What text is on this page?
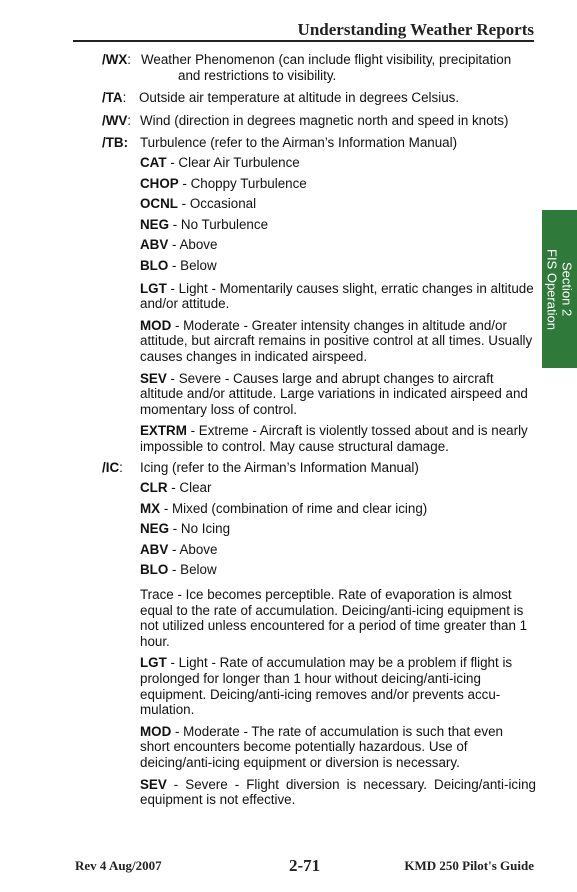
Understanding Weather Reports
Section 2
FIS Operation
/WX: Weather Phenomenon (can include flight visibility, precipitation
and restrictions to visibility.
/TA: Outside air temperature at altitude in degrees Celsius.
/WV: Wind (direction in degrees magnetic north and speed in knots)
/TB: Turbulence (refer to the Airman’s Information Manual)
CAT - Clear Air Turbulence
CHOP - Choppy Turbulence
OCNL - Occasional
NEG - No Turbulence
ABV - Above
BLO - Below
LGT - Light - Momentarily causes slight, erratic changes in altitude and/or attitude.
MOD - Moderate - Greater intensity changes in altitude and/or attitude, but aircraft remains in positive control at all times. Usually causes changes in indicated airspeed.
SEV - Severe - Causes large and abrupt changes to aircraft altitude and/or attitude. Large variations in indicated airspeed and momentary loss of control.
EXTRM - Extreme - Aircraft is violently tossed about and is nearly impossible to control. May cause structural damage.
/IC:	Icing (refer to the Airman’s Information Manual)
CLR - Clear
MX - Mixed (combination of rime and clear icing)
NEG - No Icing
ABV - Above
BLO - Below
Trace - Ice becomes perceptible. Rate of evaporation is almost equal to the rate of accumulation. Deicing/anti-icing equipment is not utilized unless encountered for a period of time greater than 1 hour.
LGT - Light - Rate of accumulation may be a problem if flight is prolonged for longer than 1 hour without deicing/anti-icing equipment. Deicing/anti-icing removes and/or prevents accu-mulation.
MOD - Moderate - The rate of accumulation is such that even short encounters become potentially hazardous. Use of deicing/anti-icing equipment or diversion is necessary.
SEV - Severe - Flight diversion is necessary. Deicing/anti-icing equipment is not effective.
Rev 4 Aug/2007	2-71	KMD 250 Pilot's Guide
